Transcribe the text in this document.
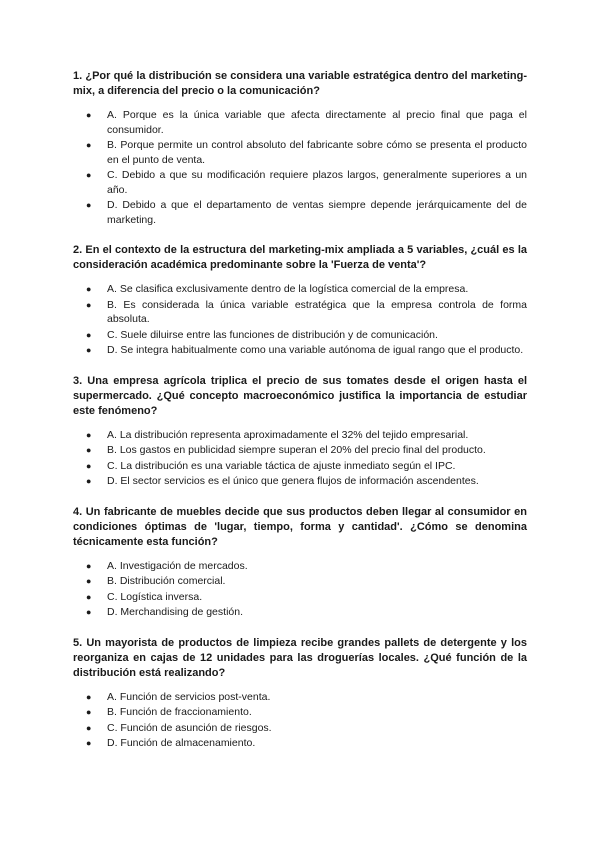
1. ¿Por qué la distribución se considera una variable estratégica dentro del marketing-mix, a diferencia del precio o la comunicación?

● A. Porque es la única variable que afecta directamente al precio final que paga el consumidor.
● B. Porque permite un control absoluto del fabricante sobre cómo se presenta el producto en el punto de venta.
● C. Debido a que su modificación requiere plazos largos, generalmente superiores a un año.
● D. Debido a que el departamento de ventas siempre depende jerárquicamente del de marketing.

2. En el contexto de la estructura del marketing-mix ampliada a 5 variables, ¿cuál es la consideración académica predominante sobre la 'Fuerza de venta'?

● A. Se clasifica exclusivamente dentro de la logística comercial de la empresa.
● B. Es considerada la única variable estratégica que la empresa controla de forma absoluta.
● C. Suele diluirse entre las funciones de distribución y de comunicación.
● D. Se integra habitualmente como una variable autónoma de igual rango que el producto.

3. Una empresa agrícola triplica el precio de sus tomates desde el origen hasta el supermercado. ¿Qué concepto macroeconómico justifica la importancia de estudiar este fenómeno?

● A. La distribución representa aproximadamente el 32% del tejido empresarial.
● B. Los gastos en publicidad siempre superan el 20% del precio final del producto.
● C. La distribución es una variable táctica de ajuste inmediato según el IPC.
● D. El sector servicios es el único que genera flujos de información ascendentes.

4. Un fabricante de muebles decide que sus productos deben llegar al consumidor en condiciones óptimas de 'lugar, tiempo, forma y cantidad'. ¿Cómo se denomina técnicamente esta función?

● A. Investigación de mercados.
● B. Distribución comercial.
● C. Logística inversa.
● D. Merchandising de gestión.

5. Un mayorista de productos de limpieza recibe grandes pallets de detergente y los reorganiza en cajas de 12 unidades para las droguerías locales. ¿Qué función de la distribución está realizando?

● A. Función de servicios post-venta.
● B. Función de fraccionamiento.
● C. Función de asunción de riesgos.
● D. Función de almacenamiento.
